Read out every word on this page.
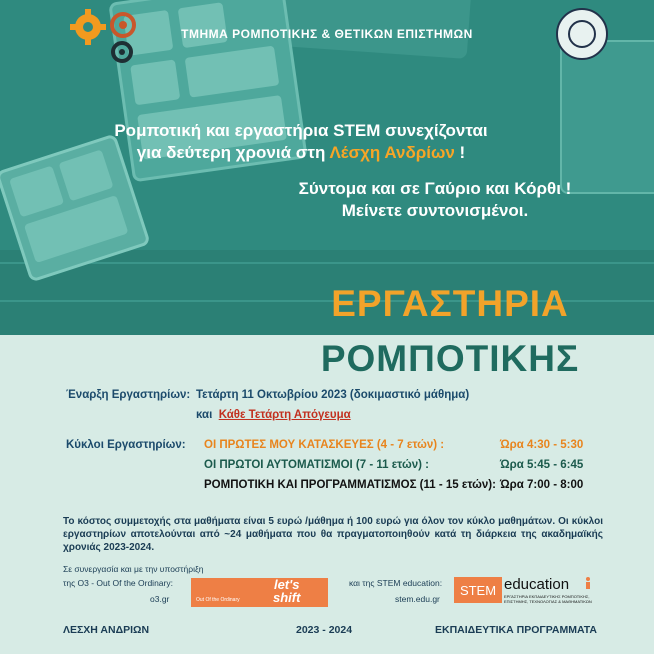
ΤΜΗΜΑ ΡΟΜΠΟΤΙΚΗΣ & ΘΕΤΙΚΩΝ ΕΠΙΣΤΗΜΩΝ
Ρομποτική και εργαστήρια STEM συνεχίζονται
για δεύτερη χρονιά στη Λέσχη Ανδρίων !
Σύντομα και σε Γαύριο και Κόρθι !
Μείνετε συντονισμένοι.
ΕΡΓΑΣΤΗΡΙΑ
ΡΟΜΠΟΤΙΚΗΣ
Έναρξη Εργαστηρίων: Τετάρτη 11 Οκτωβρίου 2023 (δοκιμαστικό μάθημα)
και Κάθε Τετάρτη Απόγευμα
Κύκλοι Εργαστηρίων: ΟΙ ΠΡΩΤΕΣ ΜΟΥ ΚΑΤΑΣΚΕΥΕΣ (4 - 7 ετών) :	Ώρα 4:30 - 5:30
ΟΙ ΠΡΩΤΟΙ ΑΥΤΟΜΑΤΙΣΜΟΙ (7 - 11 ετών) :	Ώρα 5:45 - 6:45
ΡΟΜΠΟΤΙΚΗ ΚΑΙ ΠΡΟΓΡΑΜΜΑΤΙΣΜΟΣ (11 - 15 ετών): Ώρα 7:00 - 8:00
Το κόστος συμμετοχής στα μαθήματα είναι 5 ευρώ /μάθημα ή 100 ευρώ για όλον τον κύκλο μαθημάτων. Οι κύκλοι εργαστηρίων αποτελούνται από ~24 μαθήματα που θα πραγματοποιηθούν κατά τη διάρκεια της ακαδημαϊκής χρονιάς 2023-2024.
Σε συνεργασία και με την υποστήριξη
της Ο3 - Out Of the Ordinary:
o3.gr	Out Of the Ordinary
let's
shift
και της STEM education:
stem.edu.gr
STEM education
ΕΡΓΑΣΤΗΡΙΑ ΕΚΠΑΙΔΕΥΤΙΚΗΣ ΡΟΜΠΟΤΙΚΗΣ, ΕΠΙΣΤΗΜΗΣ, ΤΕΧΝΟΛΟΓΙΑΣ & ΜΑΘΗΜΑΤΙΚΩΝ
ΛΕΣΧΗ ΑΝΔΡΙΩΝ	2023 - 2024	ΕΚΠΑΙΔΕΥΤΙΚΑ ΠΡΟΓΡΑΜΜΑΤΑ
